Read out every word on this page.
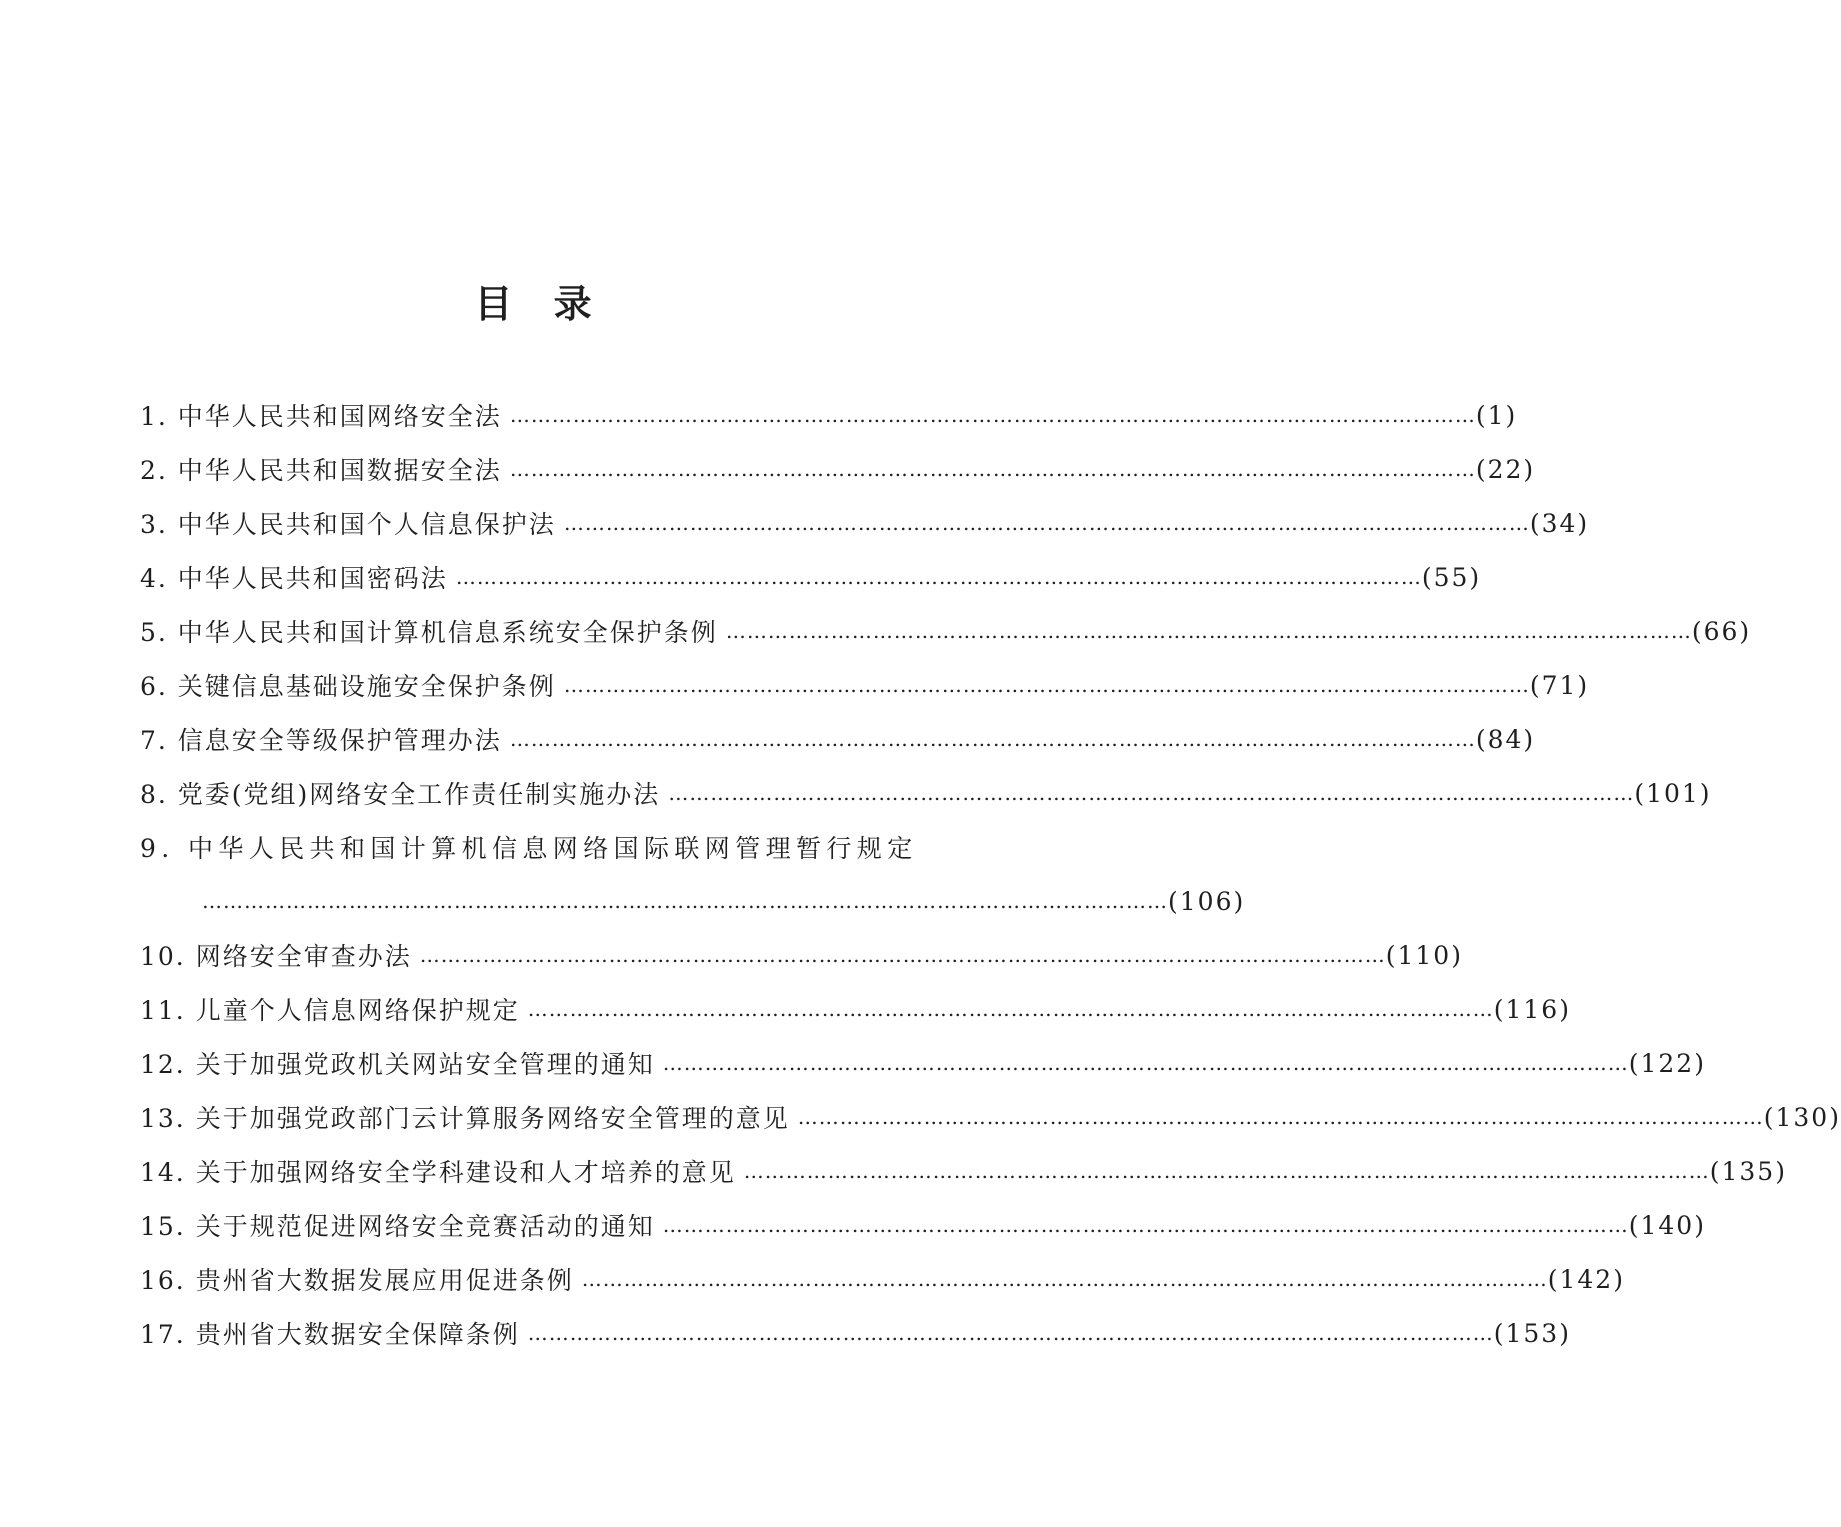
目 录
1. 中华人民共和国网络安全法 ………………………………………………………………………………………………………………………… (1)
2. 中华人民共和国数据安全法 ………………………………………………………………………………………………………………………… (22)
3. 中华人民共和国个人信息保护法 ………………………………………………………………………………………………………………………… (34)
4. 中华人民共和国密码法 ………………………………………………………………………………………………………………………… (55)
5. 中华人民共和国计算机信息系统安全保护条例 ………………………………………………………………………………………………………………………… (66)
6. 关键信息基础设施安全保护条例 ………………………………………………………………………………………………………………………… (71)
7. 信息安全等级保护管理办法 ………………………………………………………………………………………………………………………… (84)
8. 党委(党组)网络安全工作责任制实施办法 ………………………………………………………………………………………………………………………… (101)
9. 中华人民共和国计算机信息网络国际联网管理暂行规定
………………………………………………………………………………………………………………………… (106)
10. 网络安全审查办法 ………………………………………………………………………………………………………………………… (110)
11. 儿童个人信息网络保护规定 ………………………………………………………………………………………………………………………… (116)
12. 关于加强党政机关网站安全管理的通知 ………………………………………………………………………………………………………………………… (122)
13. 关于加强党政部门云计算服务网络安全管理的意见 ………………………………………………………………………………………………………………………… (130)
14. 关于加强网络安全学科建设和人才培养的意见 ………………………………………………………………………………………………………………………… (135)
15. 关于规范促进网络安全竞赛活动的通知 ………………………………………………………………………………………………………………………… (140)
16. 贵州省大数据发展应用促进条例 ………………………………………………………………………………………………………………………… (142)
17. 贵州省大数据安全保障条例 ………………………………………………………………………………………………………………………… (153)
